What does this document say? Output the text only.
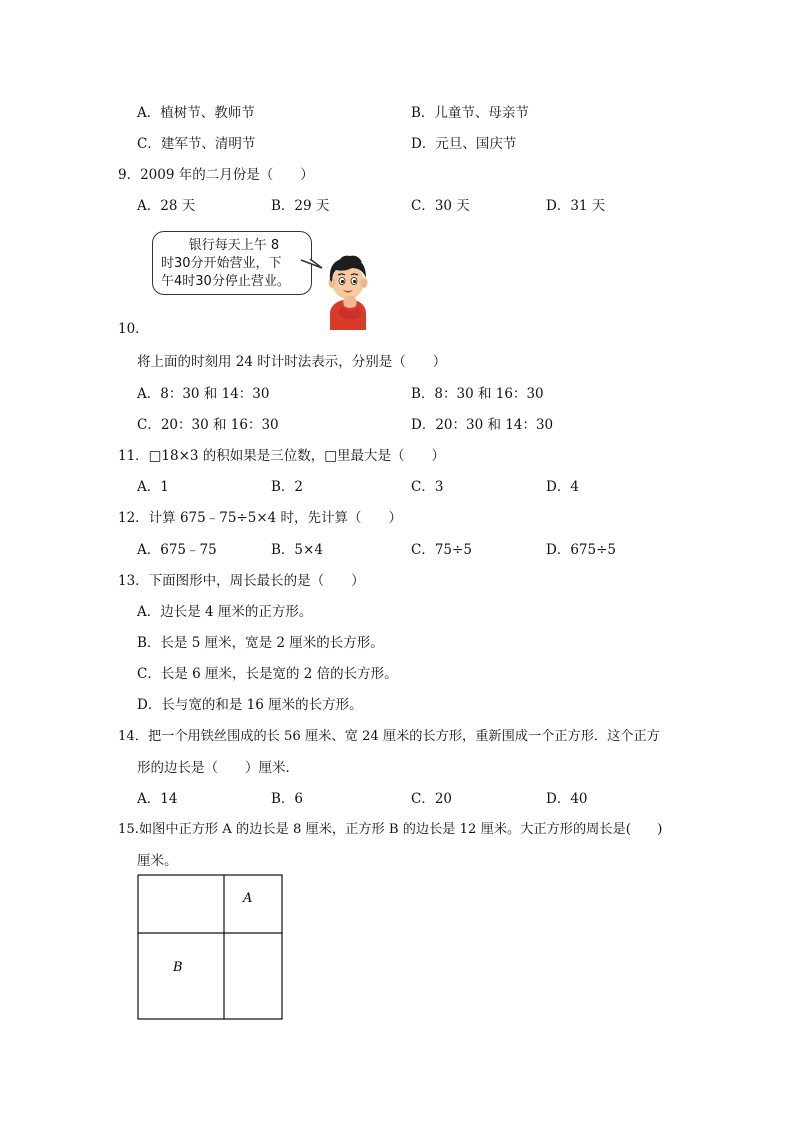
A．植树节、教师节	B．儿童节、母亲节
C．建军节、清明节	D．元旦、国庆节
9．2009 年的二月份是（　　）
A．28 天	B．29 天	C．30 天	D．31 天
银行每天上午 8
时30分开始营业，下
午4时30分停止营业。
10．
将上面的时刻用 24 时计时法表示，分别是（　　）
A．8：30 和 14：30	B．8：30 和 16：30
C．20：30 和 16：30	D．20：30 和 14：30
11．□18×3 的积如果是三位数，□里最大是（　　）
A．1	B．2	C．3	D．4
12．计算 675﹣75÷5×4 时，先计算（　　）
A．675﹣75	B．5×4	C．75÷5	D．675÷5
13．下面图形中，周长最长的是（　　）
A．边长是 4 厘米的正方形。
B．长是 5 厘米，宽是 2 厘米的长方形。
C．长是 6 厘米，长是宽的 2 倍的长方形。
D．长与宽的和是 16 厘米的长方形。
14．把一个用铁丝围成的长 56 厘米、宽 24 厘米的长方形，重新围成一个正方形．这个正方
形的边长是（　　）厘米．
A．14	B．6	C．20	D．40
15.如图中正方形 A 的边长是 8 厘米，正方形 B 的边长是 12 厘米。大正方形的周长是(　　)
厘米。
A
B
